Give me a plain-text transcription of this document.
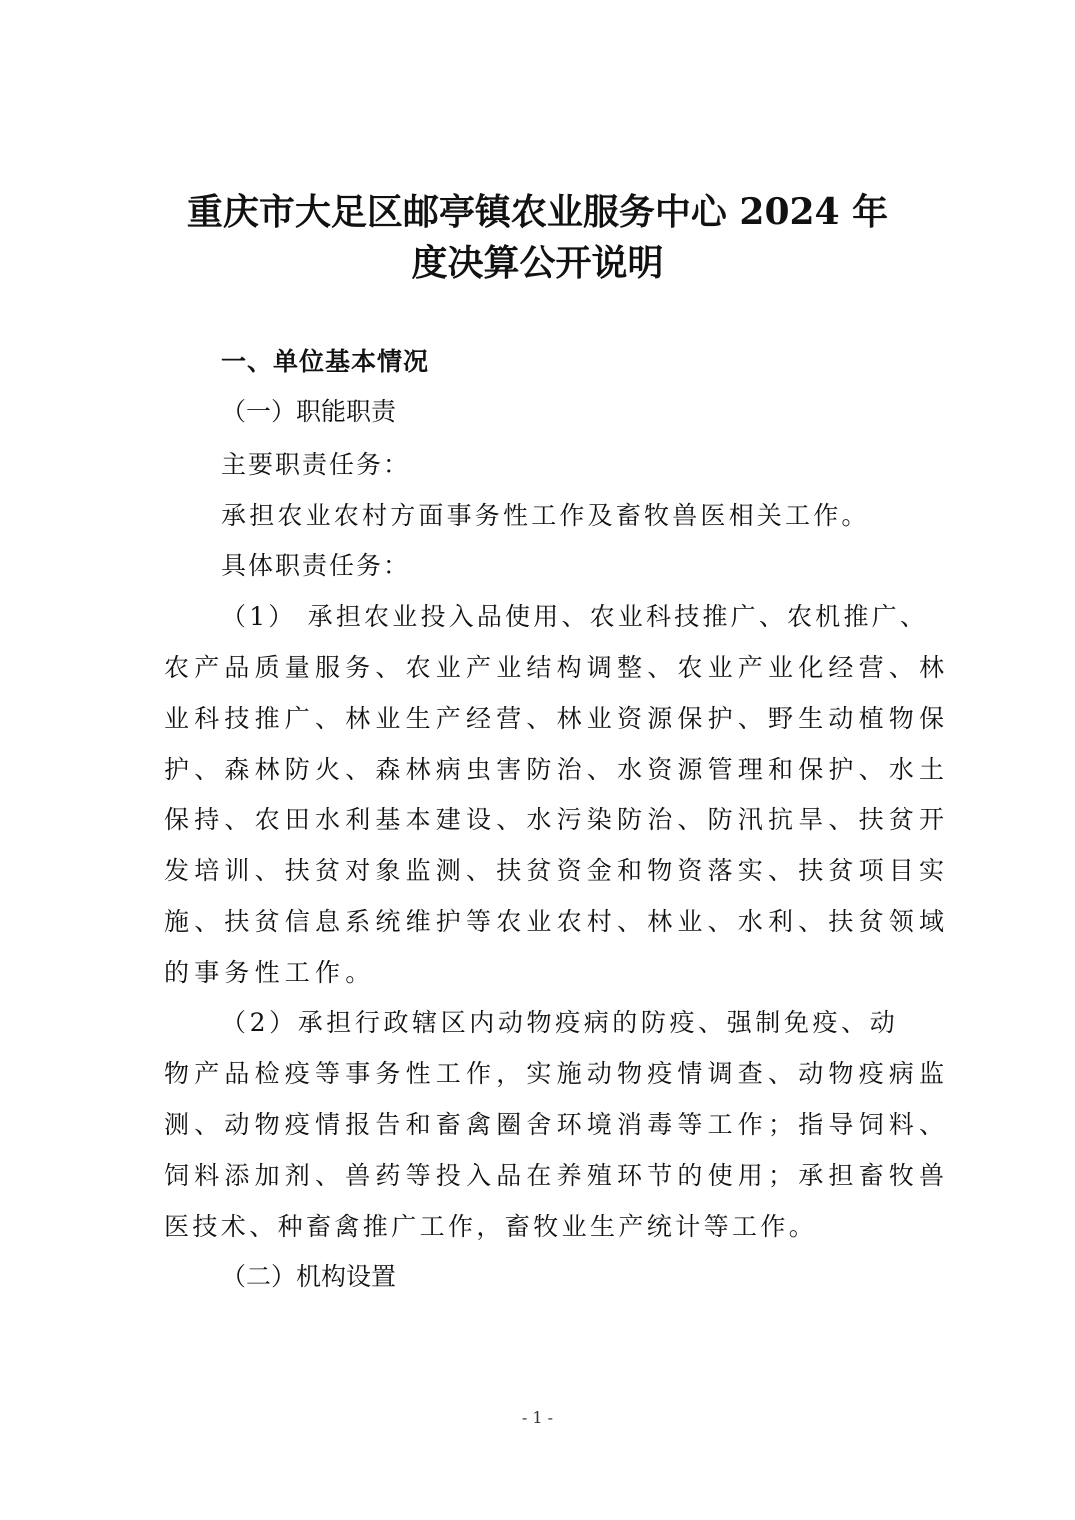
重庆市大足区邮亭镇农业服务中心 2024 年
度决算公开说明

一、单位基本情况

（一）职能职责

主要职责任务：

承担农业农村方面事务性工作及畜牧兽医相关工作。

具体职责任务：

（1） 承担农业投入品使用、农业科技推广、农机推广、

农产品质量服务、农业产业结构调整、农业产业化经营、林

业科技推广、林业生产经营、林业资源保护、野生动植物保

护、森林防火、森林病虫害防治、水资源管理和保护、水土

保持、农田水利基本建设、水污染防治、防汛抗旱、扶贫开

发培训、扶贫对象监测、扶贫资金和物资落实、扶贫项目实

施、扶贫信息系统维护等农业农村、林业、水利、扶贫领域

的事务性工作。

（2）承担行政辖区内动物疫病的防疫、强制免疫、动

物产品检疫等事务性工作，实施动物疫情调查、动物疫病监

测、动物疫情报告和畜禽圈舍环境消毒等工作；指导饲料、

饲料添加剂、兽药等投入品在养殖环节的使用；承担畜牧兽

医技术、种畜禽推广工作，畜牧业生产统计等工作。

（二）机构设置

- 1 -
